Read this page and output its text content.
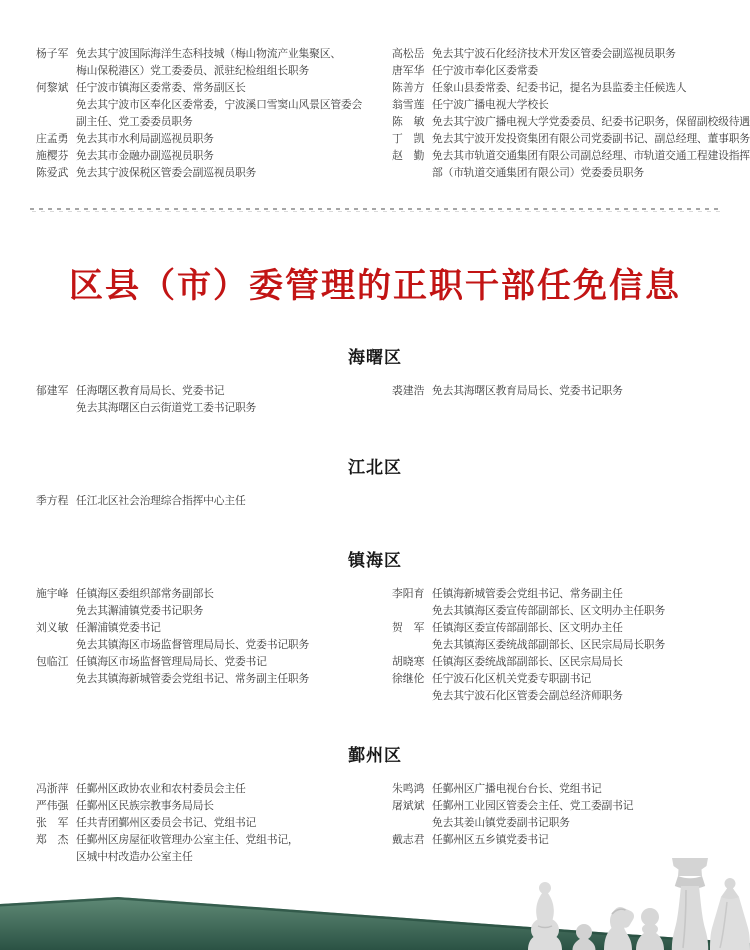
杨子军 免去其宁波国际海洋生态科技城（梅山物流产业集聚区、
梅山保税港区）党工委委员、派驻纪检组组长职务
何黎斌 任宁波市镇海区委常委、常务副区长
免去其宁波市区奉化区委常委，宁波溪口雪窦山风景区管委会
副主任、党工委委员职务
庄孟勇 免去其市水利局副巡视员职务
施樱芬 免去其市金融办副巡视员职务
陈爱武 免去其宁波保税区管委会副巡视员职务
高松岳 免去其宁波石化经济技术开发区管委会副巡视员职务
唐军华 任宁波市奉化区委常委
陈善方 任象山县委常委、纪委书记，提名为县监委主任候选人
翁雪莲 任宁波广播电视大学校长
陈　敏 免去其宁波广播电视大学党委委员、纪委书记职务，保留副校级待遇
丁　凯 免去其宁波开发投资集团有限公司党委副书记、副总经理、董事职务
赵　勤 免去其市轨道交通集团有限公司副总经理、市轨道交通工程建设指挥
部（市轨道交通集团有限公司）党委委员职务
区县（市）委管理的正职干部任免信息
海曙区
郁建军 任海曙区教育局局长、党委书记
免去其海曙区白云街道党工委书记职务
裘建浩 免去其海曙区教育局局长、党委书记职务
江北区
季方程 任江北区社会治理综合指挥中心主任
镇海区
施宇峰 任镇海区委组织部常务副部长
免去其澥浦镇党委书记职务
刘义敏 任澥浦镇党委书记
免去其镇海区市场监督管理局局长、党委书记职务
包临江 任镇海区市场监督管理局局长、党委书记
免去其镇海新城管委会党组书记、常务副主任职务
李阳育 任镇海新城管委会党组书记、常务副主任
免去其镇海区委宣传部副部长、区文明办主任职务
贺　军 任镇海区委宣传部副部长、区文明办主任
免去其镇海区委统战部副部长、区民宗局局长职务
胡晓寒 任镇海区委统战部副部长、区民宗局局长
徐继伦 任宁波石化区机关党委专职副书记
免去其宁波石化区管委会副总经济师职务
鄞州区
冯浙萍 任鄞州区政协农业和农村委员会主任
严伟强 任鄞州区民族宗教事务局局长
张　军 任共青团鄞州区委员会书记、党组书记
郑　杰 任鄞州区房屋征收管理办公室主任、党组书记，
区城中村改造办公室主任
朱鸣鸿 任鄞州区广播电视台台长、党组书记
屠斌斌 任鄞州工业园区管委会主任、党工委副书记
免去其姜山镇党委副书记职务
戴志君 任鄞州区五乡镇党委书记
